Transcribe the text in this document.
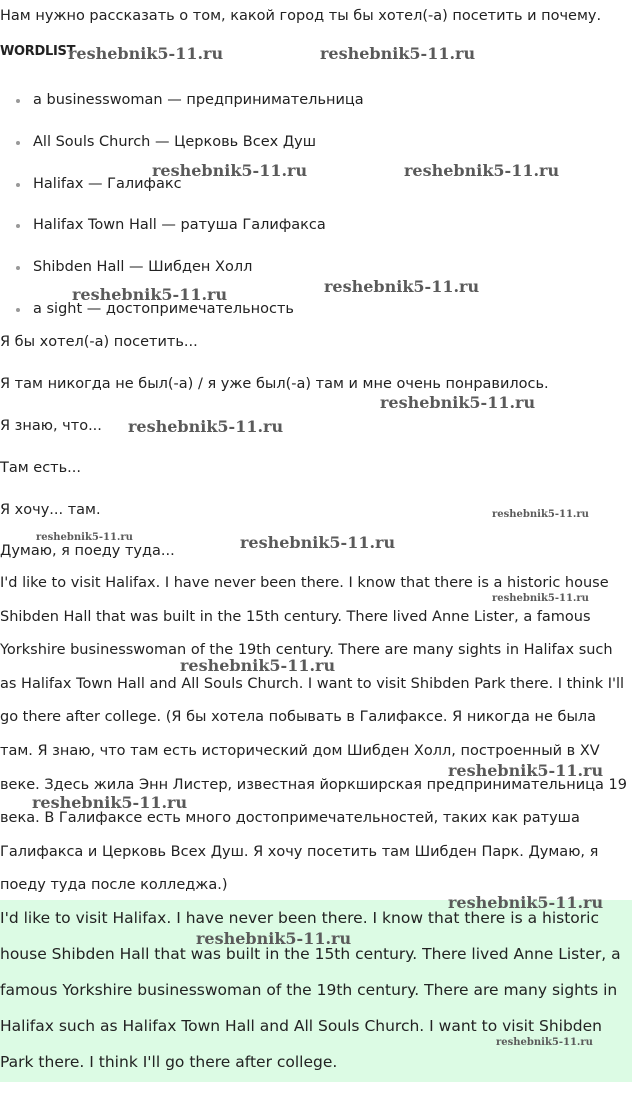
Нам нужно рассказать о том, какой город ты бы хотел(-а) посетить и почему.

WORDLIST

a businesswoman — предпринимательница
All Souls Church — Церковь Всех Душ
Halifax — Галифакс
Halifax Town Hall — ратуша Галифакса
Shibden Hall — Шибден Холл
a sight — достопримечательность

Я бы хотел(-а) посетить...

Я там никогда не был(-а) / я уже был(-а) там и мне очень понравилось.

Я знаю, что...

Там есть...

Я хочу... там.

Думаю, я поеду туда...

I'd like to visit Halifax. I have never been there. I know that there is a historic house Shibden Hall that was built in the 15th century. There lived Anne Lister, a famous Yorkshire businesswoman of the 19th century. There are many sights in Halifax such as Halifax Town Hall and All Souls Church. I want to visit Shibden Park there. I think I'll go there after college. (Я бы хотела побывать в Галифаксе. Я никогда не была там. Я знаю, что там есть исторический дом Шибден Холл, построенный в XV веке. Здесь жила Энн Листер, известная йоркширская предпринимательница 19 века. В Галифаксе есть много достопримечательностей, таких как ратуша Галифакса и Церковь Всех Душ. Я хочу посетить там Шибден Парк. Думаю, я поеду туда после колледжа.)

I'd like to visit Halifax. I have never been there. I know that there is a historic house Shibden Hall that was built in the 15th century. There lived Anne Lister, a famous Yorkshire businesswoman of the 19th century. There are many sights in Halifax such as Halifax Town Hall and All Souls Church. I want to visit Shibden Park there. I think I'll go there after college.

reshebnik5-11.ru	reshebnik5-11.ru
reshebnik5-11.ru	reshebnik5-11.ru
reshebnik5-11.ru	reshebnik5-11.ru
reshebnik5-11.ru
reshebnik5-11.ru
reshebnik5-11.ru
reshebnik5-11.ru	reshebnik5-11.ru
reshebnik5-11.ru
reshebnik5-11.ru
reshebnik5-11.ru
reshebnik5-11.ru
reshebnik5-11.ru
reshebnik5-11.ru
reshebnik5-11.ru
